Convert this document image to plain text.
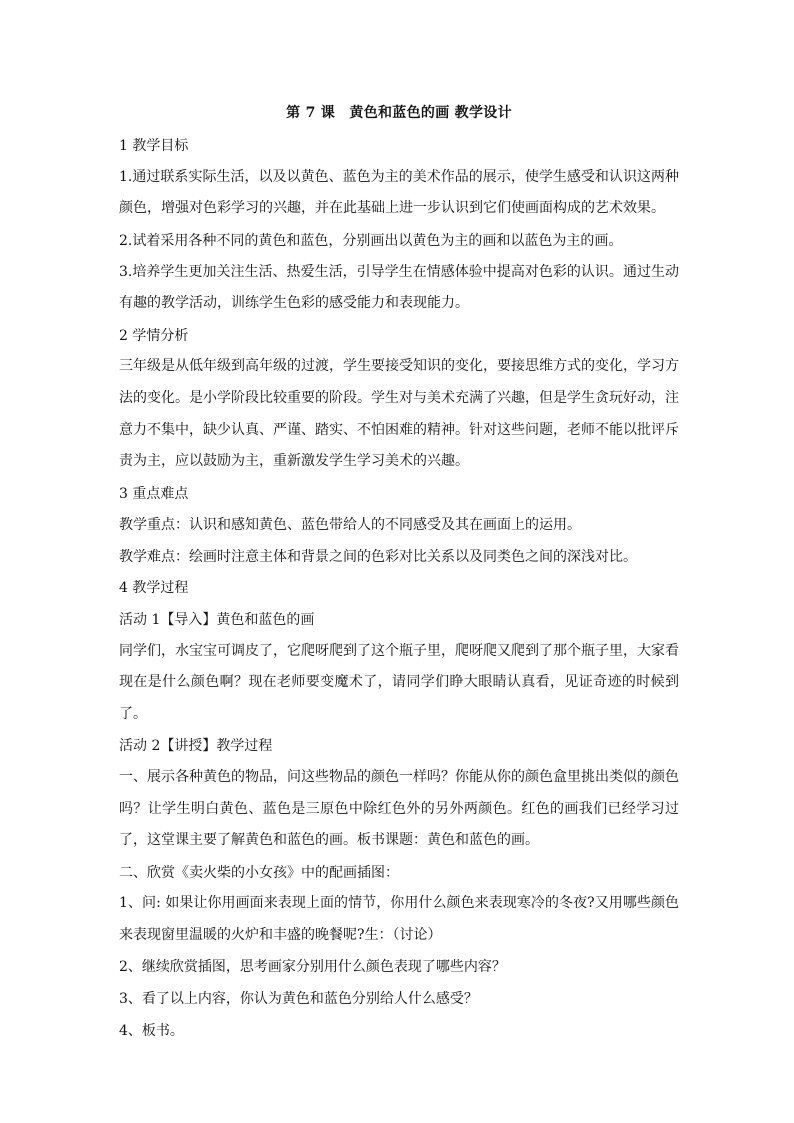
第 7 课　黄色和蓝色的画 教学设计
1 教学目标
1.通过联系实际生活，以及以黄色、蓝色为主的美术作品的展示，使学生感受和认识这两种颜色，增强对色彩学习的兴趣，并在此基础上进一步认识到它们使画面构成的艺术效果。
2.试着采用各种不同的黄色和蓝色，分别画出以黄色为主的画和以蓝色为主的画。
3.培养学生更加关注生活、热爱生活，引导学生在情感体验中提高对色彩的认识。通过生动有趣的教学活动，训练学生色彩的感受能力和表现能力。
2 学情分析
三年级是从低年级到高年级的过渡，学生要接受知识的变化，要接思维方式的变化，学习方法的变化。是小学阶段比较重要的阶段。学生对与美术充满了兴趣，但是学生贪玩好动，注意力不集中，缺少认真、严谨、踏实、不怕困难的精神。针对这些问题，老师不能以批评斥责为主，应以鼓励为主，重新激发学生学习美术的兴趣。
3 重点难点
教学重点：认识和感知黄色、蓝色带给人的不同感受及其在画面上的运用。
教学难点：绘画时注意主体和背景之间的色彩对比关系以及同类色之间的深浅对比。
4 教学过程
活动 1【导入】黄色和蓝色的画
同学们，水宝宝可调皮了，它爬呀爬到了这个瓶子里，爬呀爬又爬到了那个瓶子里，大家看现在是什么颜色啊？现在老师要变魔术了，请同学们睁大眼睛认真看，见证奇迹的时候到了。
活动 2【讲授】教学过程
一、展示各种黄色的物品，问这些物品的颜色一样吗？你能从你的颜色盒里挑出类似的颜色吗？让学生明白黄色、蓝色是三原色中除红色外的另外两颜色。红色的画我们已经学习过了，这堂课主要了解黄色和蓝色的画。板书课题：黄色和蓝色的画。
二、欣赏《卖火柴的小女孩》中的配画插图：
1、问: 如果让你用画面来表现上面的情节，你用什么颜色来表现寒冷的冬夜?又用哪些颜色来表现窗里温暖的火炉和丰盛的晚餐呢?生：（讨论）
2、继续欣赏插图，思考画家分别用什么颜色表现了哪些内容？
3、看了以上内容，你认为黄色和蓝色分别给人什么感受？
4、板书。
